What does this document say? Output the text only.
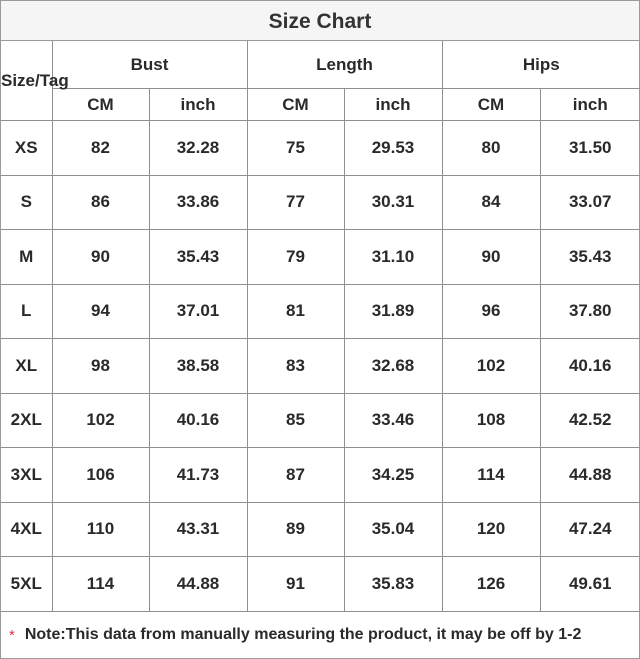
Size Chart
Size/Tag	Bust		Length		Hips	
	CM	inch	CM	inch	CM	inch
XS	82	32.28	75	29.53	80	31.50
S	86	33.86	77	30.31	84	33.07
M	90	35.43	79	31.10	90	35.43
L	94	37.01	81	31.89	96	37.80
XL	98	38.58	83	32.68	102	40.16
2XL	102	40.16	85	33.46	108	42.52
3XL	106	41.73	87	34.25	114	44.88
4XL	110	43.31	89	35.04	120	47.24
5XL	114	44.88	91	35.83	126	49.61
* Note:This data from manually measuring the product, it may be off by 1-2
